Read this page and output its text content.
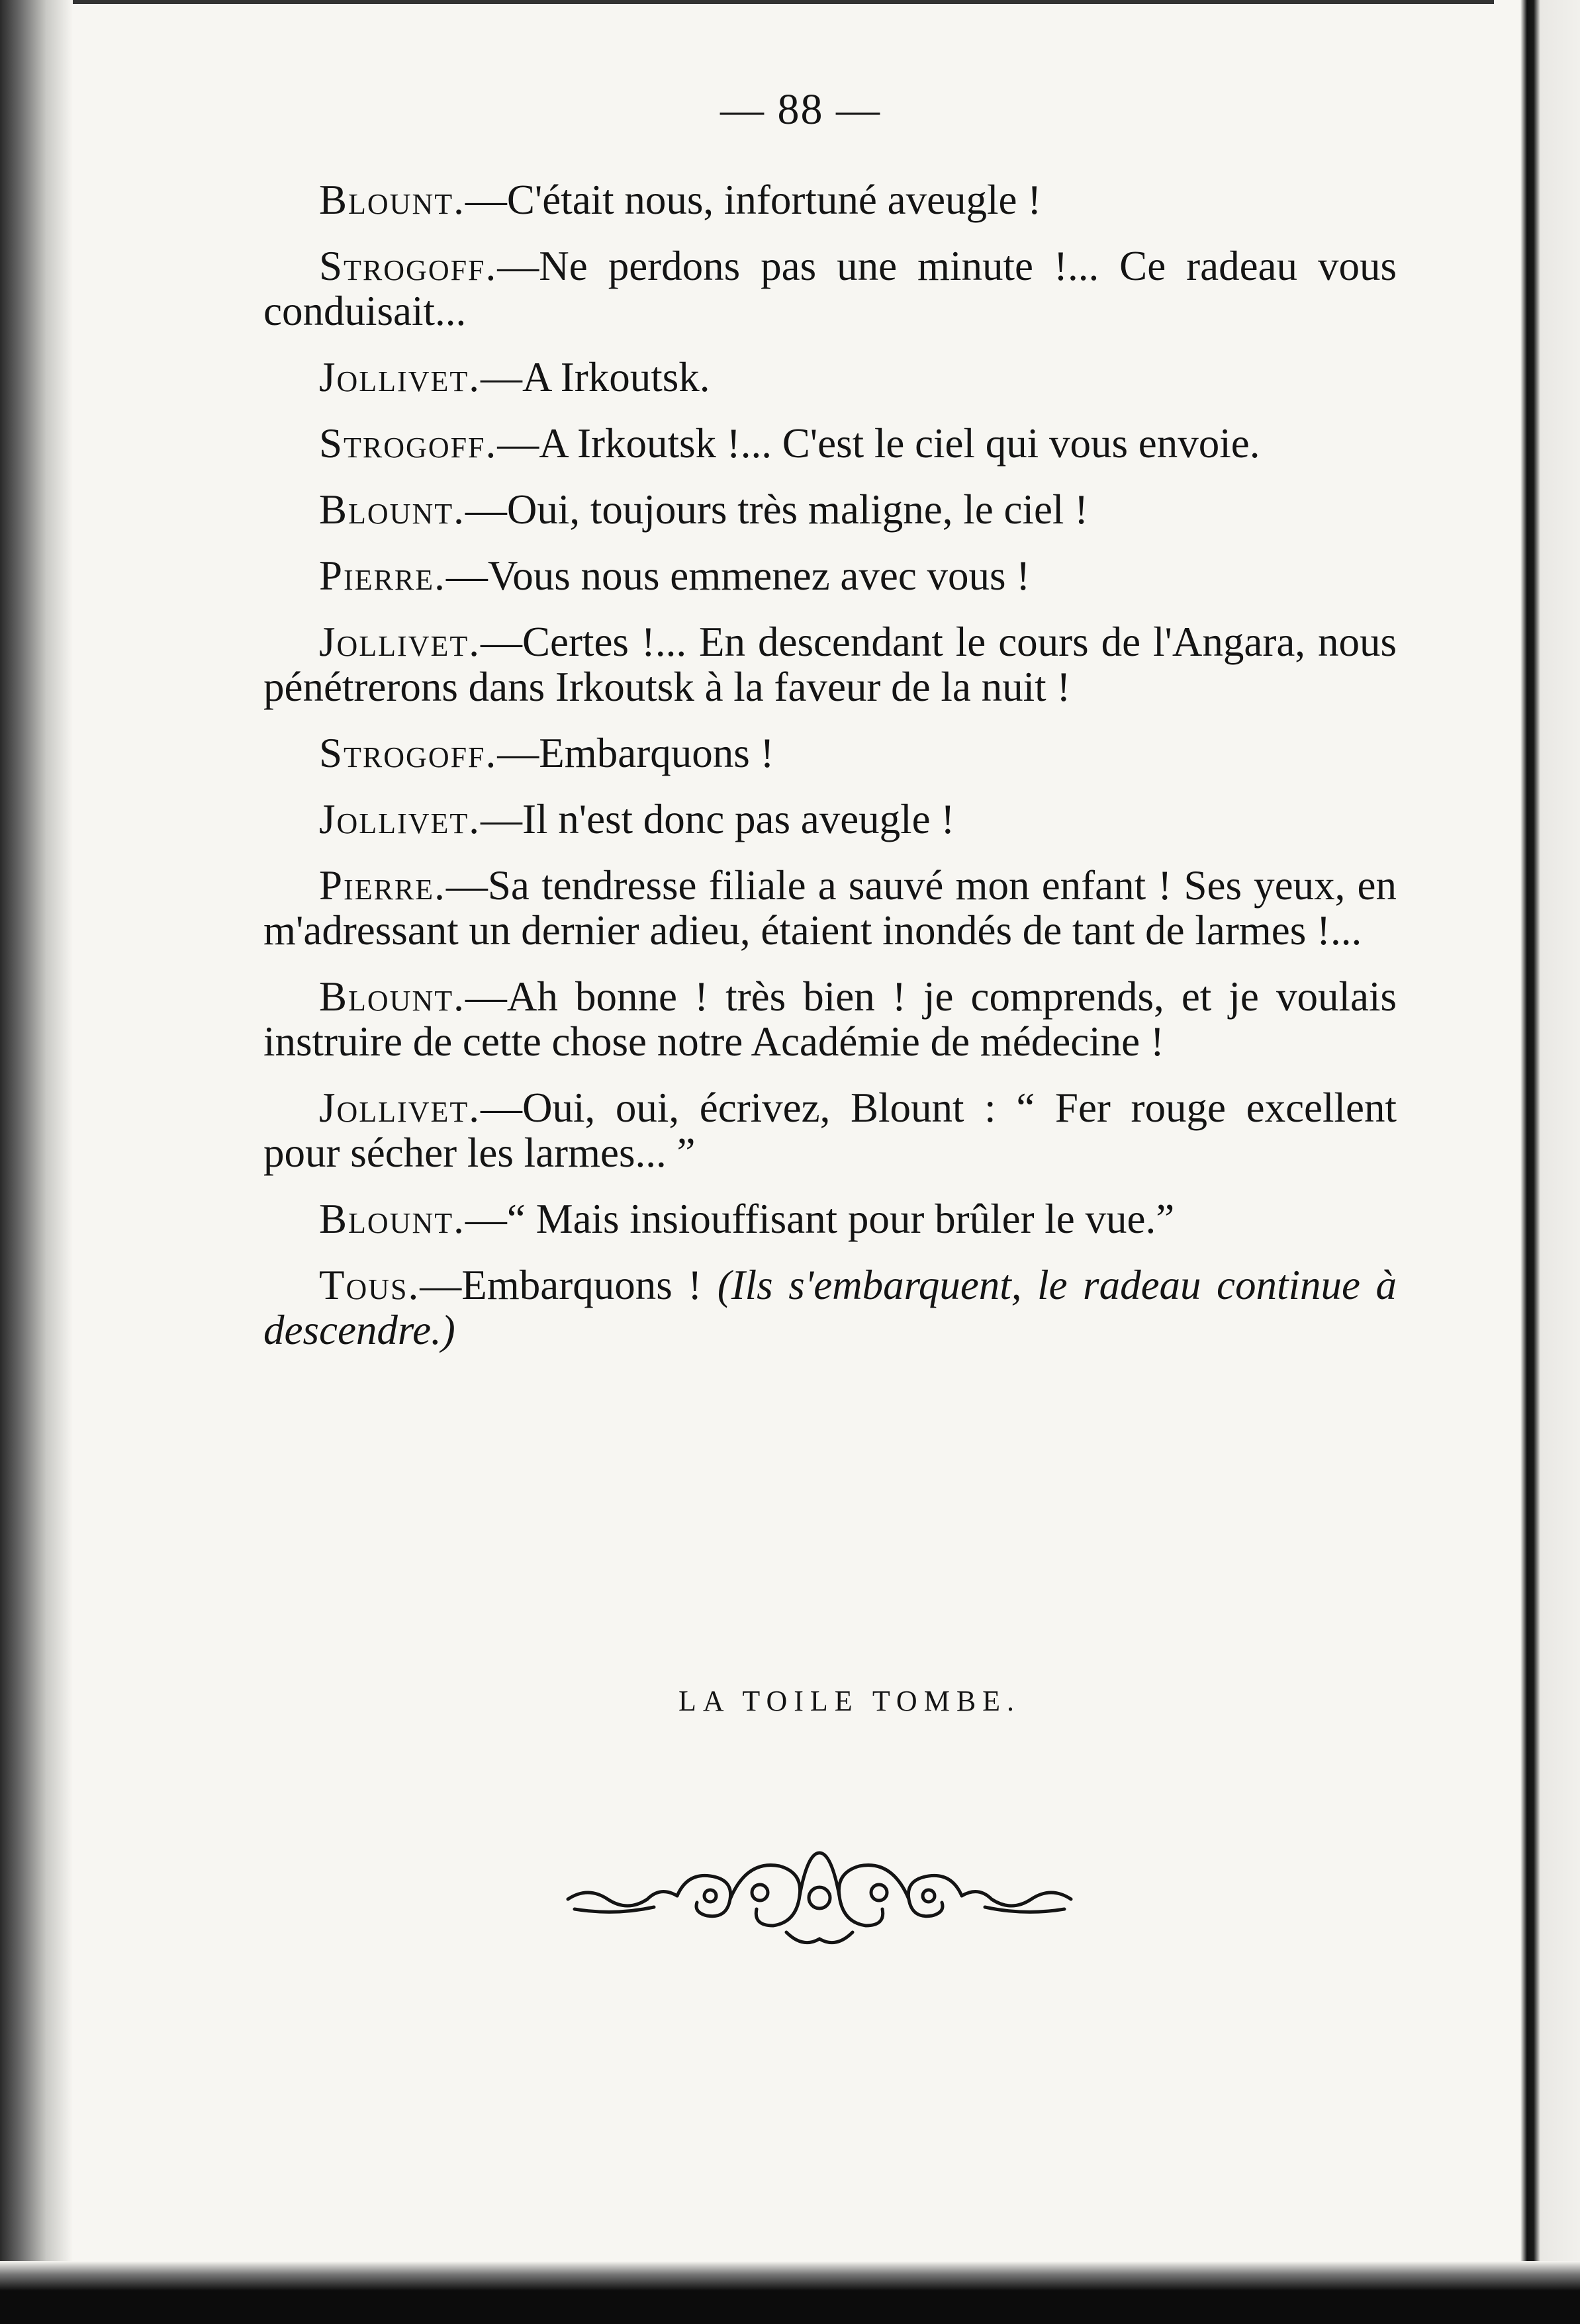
— 88 —

Blount.—C'était nous, infortuné aveugle !

Strogoff.—Ne perdons pas une minute !... Ce radeau vous conduisait...

Jollivet.—A Irkoutsk.

Strogoff.—A Irkoutsk !... C'est le ciel qui vous envoie.

Blount.—Oui, toujours très maligne, le ciel !

Pierre.—Vous nous emmenez avec vous !

Jollivet.—Certes !... En descendant le cours de l'Angara, nous pénétrerons dans Irkoutsk à la faveur de la nuit !

Strogoff.—Embarquons !

Jollivet.—Il n'est donc pas aveugle !

Pierre.—Sa tendresse filiale a sauvé mon enfant ! Ses yeux, en m'adressant un dernier adieu, étaient inondés de tant de larmes !...

Blount.—Ah bonne ! très bien ! je comprends, et je voulais instruire de cette chose notre Académie de médecine !

Jollivet.—Oui, oui, écrivez, Blount : “ Fer rouge excellent pour sécher les larmes... ”

Blount.—“ Mais insiouffisant pour brûler le vue.”

Tous.—Embarquons ! (Ils s'embarquent, le radeau continue à descendre.)

LA TOILE TOMBE.
